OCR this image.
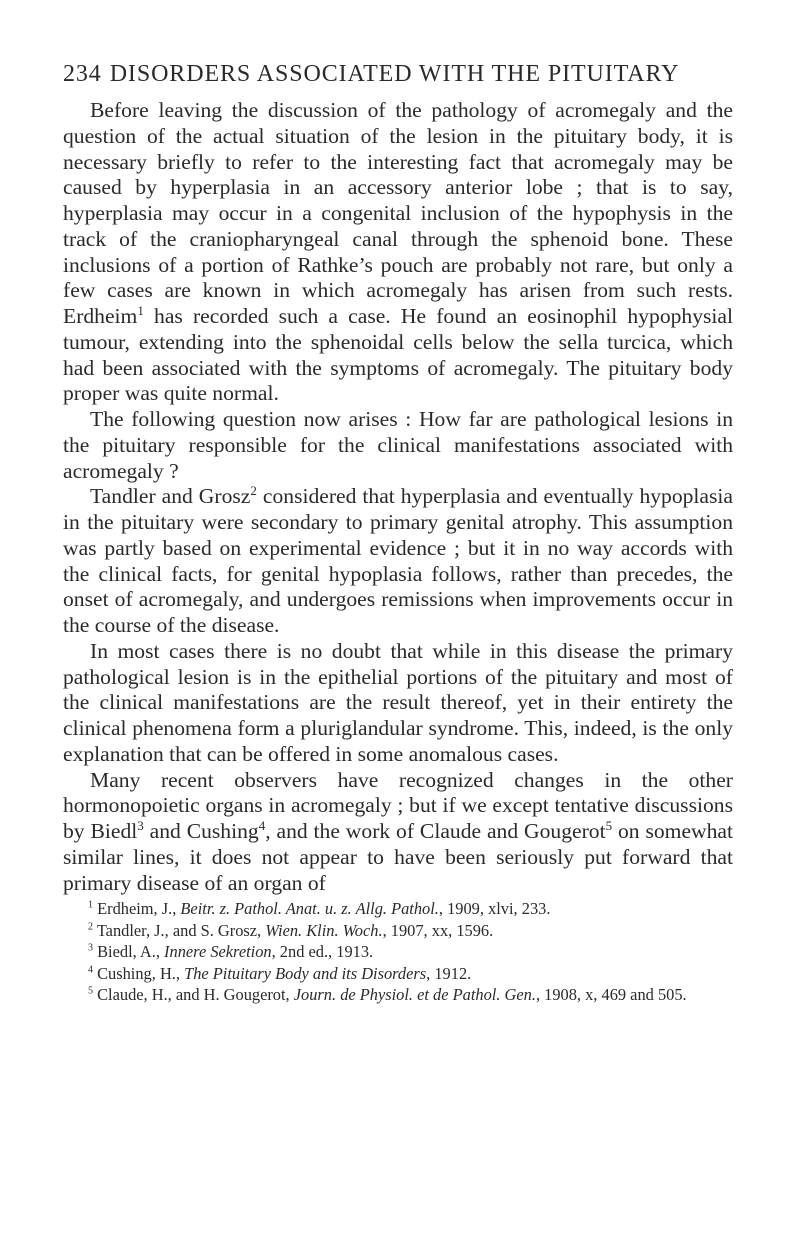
234 DISORDERS ASSOCIATED WITH THE PITUITARY

Before leaving the discussion of the pathology of acromegaly and the question of the actual situation of the lesion in the pituitary body, it is necessary briefly to refer to the interesting fact that acromegaly may be caused by hyperplasia in an accessory anterior lobe ; that is to say, hyperplasia may occur in a congenital inclusion of the hypophysis in the track of the craniopharyngeal canal through the sphenoid bone. These inclusions of a portion of Rathke’s pouch are probably not rare, but only a few cases are known in which acromegaly has arisen from such rests. Erdheim$^1$ has recorded such a case. He found an eosinophil hypophysial tumour, extending into the sphenoidal cells below the sella turcica, which had been associated with the symptoms of acromegaly. The pituitary body proper was quite normal.

The following question now arises : How far are pathological lesions in the pituitary responsible for the clinical manifestations associated with acromegaly ?

Tandler and Grosz$^2$ considered that hyperplasia and eventually hypoplasia in the pituitary were secondary to primary genital atrophy. This assumption was partly based on experimental evidence ; but it in no way accords with the clinical facts, for genital hypoplasia follows, rather than precedes, the onset of acromegaly, and undergoes remissions when improvements occur in the course of the disease.

In most cases there is no doubt that while in this disease the primary pathological lesion is in the epithelial portions of the pituitary and most of the clinical manifestations are the result thereof, yet in their entirety the clinical phenomena form a pluriglandular syndrome. This, indeed, is the only explanation that can be offered in some anomalous cases.

Many recent observers have recognized changes in the other hormonopoietic organs in acromegaly ; but if we except tentative discussions by Biedl$^3$ and Cushing$^4$, and the work of Claude and Gougerot$^5$ on somewhat similar lines, it does not appear to have been seriously put forward that primary disease of an organ of

$^1$ Erdheim, J., Beitr. z. Pathol. Anat. u. z. Allg. Pathol., 1909, xlvi, 233.

$^2$ Tandler, J., and S. Grosz, Wien. Klin. Woch., 1907, xx, 1596.

$^3$ Biedl, A., Innere Sekretion, 2nd ed., 1913.

$^4$ Cushing, H., The Pituitary Body and its Disorders, 1912.

$^5$ Claude, H., and H. Gougerot, Journ. de Physiol. et de Pathol. Gen., 1908, x, 469 and 505.
